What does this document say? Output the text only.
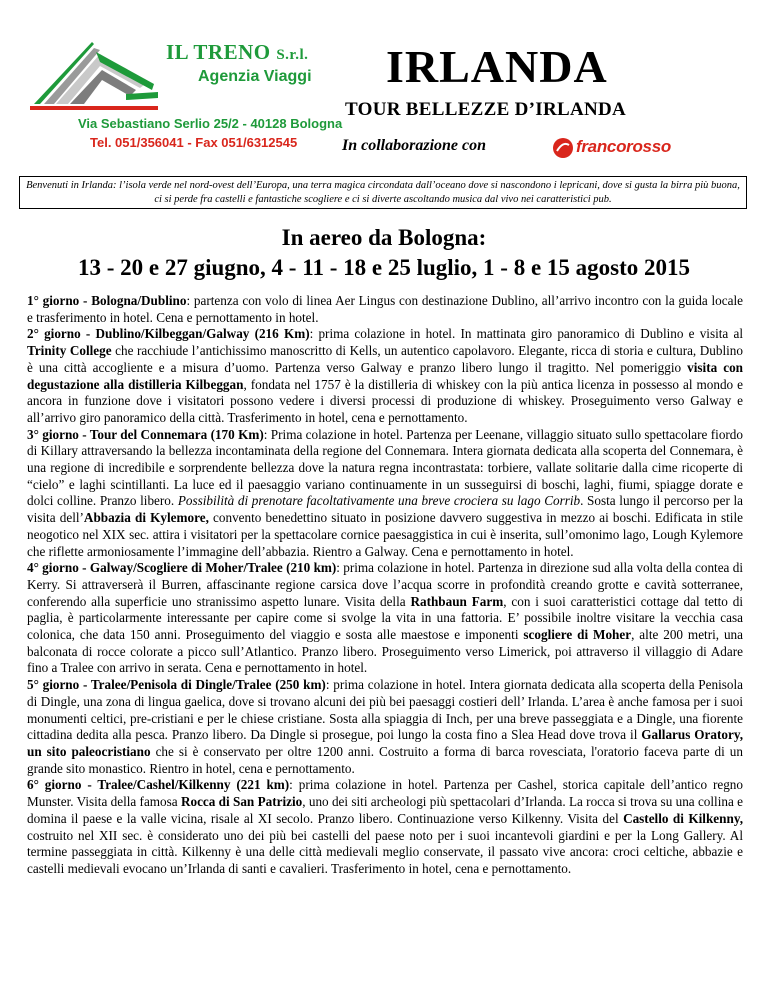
IL TRENO S.r.l.
Agenzia Viaggi
Via Sebastiano Serlio 25/2 - 40128 Bologna
Tel. 051/356041 - Fax 051/6312545
IRLANDA
TOUR BELLEZZE D’IRLANDA
In collaborazione con	francorosso
Benvenuti in Irlanda: l’isola verde nel nord-ovest dell’Europa, una terra magica circondata dall’oceano dove si nascondono i lepricani, dove si gusta la birra più buona, ci si perde fra castelli e fantastiche scogliere e ci si diverte ascoltando musica dal vivo nei caratteristici pub.
In aereo da Bologna:
13 - 20 e 27 giugno, 4 - 11 - 18 e 25 luglio, 1 - 8 e 15 agosto 2015

1° giorno - Bologna/Dublino: partenza con volo di linea Aer Lingus con destinazione Dublino, all’arrivo incontro con la guida locale e trasferimento in hotel. Cena e pernottamento in hotel.

2° giorno - Dublino/Kilbeggan/Galway (216 Km): prima colazione in hotel. In mattinata giro panoramico di Dublino e visita al Trinity College che racchiude l’antichissimo manoscritto di Kells, un autentico capolavoro. Elegante, ricca di storia e cultura, Dublino è una città accogliente e a misura d’uomo. Partenza verso Galway e pranzo libero lungo il tragitto. Nel pomeriggio visita con degustazione alla distilleria Kilbeggan, fondata nel 1757 è la distilleria di whiskey con la più antica licenza in possesso al mondo e ancora in funzione dove i visitatori possono vedere i diversi processi di produzione di whiskey. Proseguimento verso Galway e all’arrivo giro panoramico della città. Trasferimento in hotel, cena e pernottamento.

3° giorno - Tour del Connemara (170 Km): Prima colazione in hotel. Partenza per Leenane, villaggio situato sullo spettacolare fiordo di Killary attraversando la bellezza incontaminata della regione del Connemara. Intera giornata dedicata alla scoperta del Connemara, è una regione di incredibile e sorprendente bellezza dove la natura regna incontrastata: torbiere, vallate solitarie dalla cime ricoperte di “cielo” e laghi scintillanti. La luce ed il paesaggio variano continuamente in un susseguirsi di boschi, laghi, fiumi, spiagge dorate e dolci colline. Pranzo libero. Possibilità di prenotare facoltativamente una breve crociera su lago Corrib. Sosta lungo il percorso per la visita dell’Abbazia di Kylemore, convento benedettino situato in posizione davvero suggestiva in mezzo ai boschi. Edificata in stile neogotico nel XIX sec. attira i visitatori per la spettacolare cornice paesaggistica in cui è inserita, sull’omonimo lago, Lough Kylemore che riflette armoniosamente l’immagine dell’abbazia. Rientro a Galway. Cena e pernottamento in hotel.

4° giorno - Galway/Scogliere di Moher/Tralee (210 km): prima colazione in hotel. Partenza in direzione sud alla volta della contea di Kerry. Si attraverserà il Burren, affascinante regione carsica dove l’acqua scorre in profondità creando grotte e cavità sotterranee, conferendo alla superficie uno stranissimo aspetto lunare. Visita della Rathbaun Farm, con i suoi caratteristici cottage dal tetto di paglia, è particolarmente interessante per capire come si svolge la vita in una fattoria. E’ possibile inoltre visitare la vecchia casa colonica, che data 150 anni. Proseguimento del viaggio e sosta alle maestose e imponenti scogliere di Moher, alte 200 metri, una balconata di rocce colorate a picco sull’Atlantico. Pranzo libero. Proseguimento verso Limerick, poi attraverso il villaggio di Adare fino a Tralee con arrivo in serata. Cena e pernottamento in hotel.

5° giorno - Tralee/Penisola di Dingle/Tralee (250 km): prima colazione in hotel. Intera giornata dedicata alla scoperta della Penisola di Dingle, una zona di lingua gaelica, dove si trovano alcuni dei più bei paesaggi costieri dell’ Irlanda. L’area è anche famosa per i suoi monumenti celtici, pre-cristiani e per le chiese cristiane. Sosta alla spiaggia di Inch, per una breve passeggiata e a Dingle, una fiorente cittadina dedita alla pesca. Pranzo libero. Da Dingle si prosegue, poi lungo la costa fino a Slea Head dove trova il Gallarus Oratory, un sito paleocristiano che si è conservato per oltre 1200 anni. Costruito a forma di barca rovesciata, l'oratorio faceva parte di un grande sito monastico. Rientro in hotel, cena e pernottamento.

6° giorno - Tralee/Cashel/Kilkenny (221 km): prima colazione in hotel. Partenza per Cashel, storica capitale dell’antico regno Munster. Visita della famosa Rocca di San Patrizio, uno dei siti archeologi più spettacolari d’Irlanda. La rocca si trova su una collina e domina il paese e la valle vicina, risale al XI secolo. Pranzo libero. Continuazione verso Kilkenny. Visita del Castello di Kilkenny, costruito nel XII sec. è considerato uno dei più bei castelli del paese noto per i suoi incantevoli giardini e per la Long Gallery. Al termine passeggiata in città. Kilkenny è una delle città medievali meglio conservate, il passato vive ancora: croci celtiche, abbazie e castelli medievali evocano un’Irlanda di santi e cavalieri. Trasferimento in hotel, cena e pernottamento.
